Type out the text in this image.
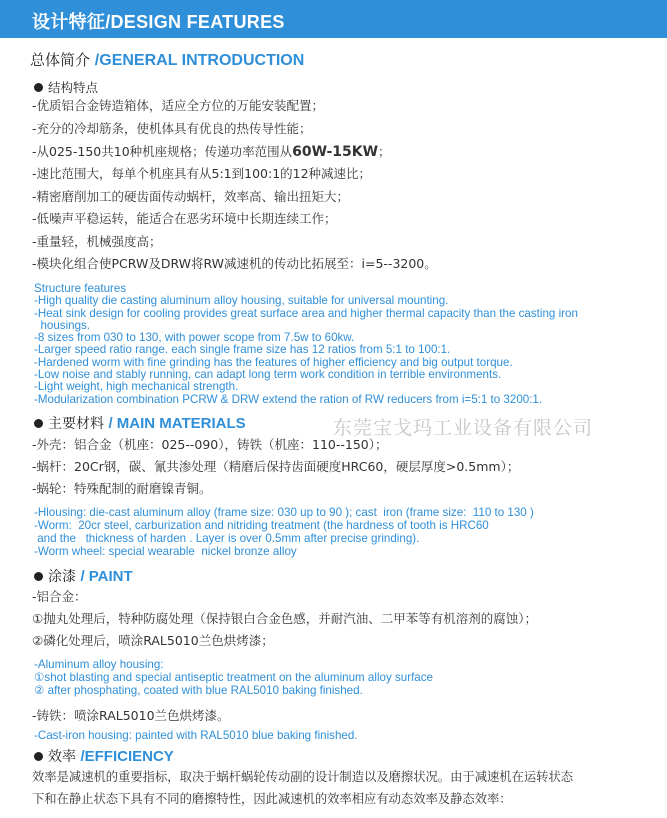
设计特征/DESIGN FEATURES
总体简介 /GENERAL INTRODUCTION
结构特点
-优质铝合金铸造箱体，适应全方位的万能安装配置；
-充分的冷却筋条，使机体具有优良的热传导性能；
-从025-150共10种机座规格；传递功率范围从60W-15KW；
-速比范围大，每单个机座具有从5:1到100:1的12种减速比；
-精密磨削加工的硬齿面传动蜗杆，效率高、输出扭矩大；
-低噪声平稳运转，能适合在恶劣环境中长期连续工作；
-重量轻，机械强度高；
-模块化组合使PCRW及DRW将RW减速机的传动比拓展至：i=5--3200。
Structure features
-High quality die casting aluminum alloy housing, suitable for universal mounting.
-Heat sink design for cooling provides great surface area and higher thermal capacity than the casting iron
housings.
-8 sizes from 030 to 130, with power scope from 7.5w to 60kw.
-Larger speed ratio range. each single frame size has 12 ratios from 5:1 to 100:1.
-Hardened worm with fine grinding has the features of higher efficiency and big output torque.
-Low noise and stably running, can adapt long term work condition in terrible environments.
-Light weight, high mechanical strength.
-Modularization combination PCRW & DRW extend the ration of RW reducers from i=5:1 to 3200:1.
东莞宝戈玛工业设备有限公司
主要材料 / MAIN MATERIALS
-外壳：铝合金（机座：025--090），铸铁（机座：110--150）；
-蜗杆：20Cr钢，碳、氰共渗处理（精磨后保持齿面硬度HRC60，硬层厚度>0.5mm）；
-蜗轮：特殊配制的耐磨镍青铜。
-Hlousing: die-cast aluminum alloy (frame size: 030 up to 90 ); cast  iron (frame size:  110 to 130 )
-Worm:  20cr steel, carburization and nitriding treatment (the hardness of tooth is HRC60
and the   thickness of harden . Layer is over 0.5mm after precise grinding).
-Worm wheel: special wearable  nickel bronze alloy
涂漆 / PAINT
-铝合金：
①抛丸处理后，特种防腐处理（保持银白合金色感，并耐汽油、二甲苯等有机溶剂的腐蚀）；
②磷化处理后，喷涂RAL5010兰色烘烤漆；
-Aluminum alloy housing:
①shot blasting and special antiseptic treatment on the aluminum alloy surface
② after phosphating, coated with blue RAL5010 baking finished.
-铸铁：喷涂RAL5010兰色烘烤漆。
-Cast-iron housing: painted with RAL5010 blue baking finished.
效率 /EFFICIENCY
效率是减速机的重要指标，取决于蜗杆蜗轮传动副的设计制造以及磨擦状况。由于减速机在运转状态
下和在静止状态下具有不同的磨擦特性，因此减速机的效率相应有动态效率及静态效率：
